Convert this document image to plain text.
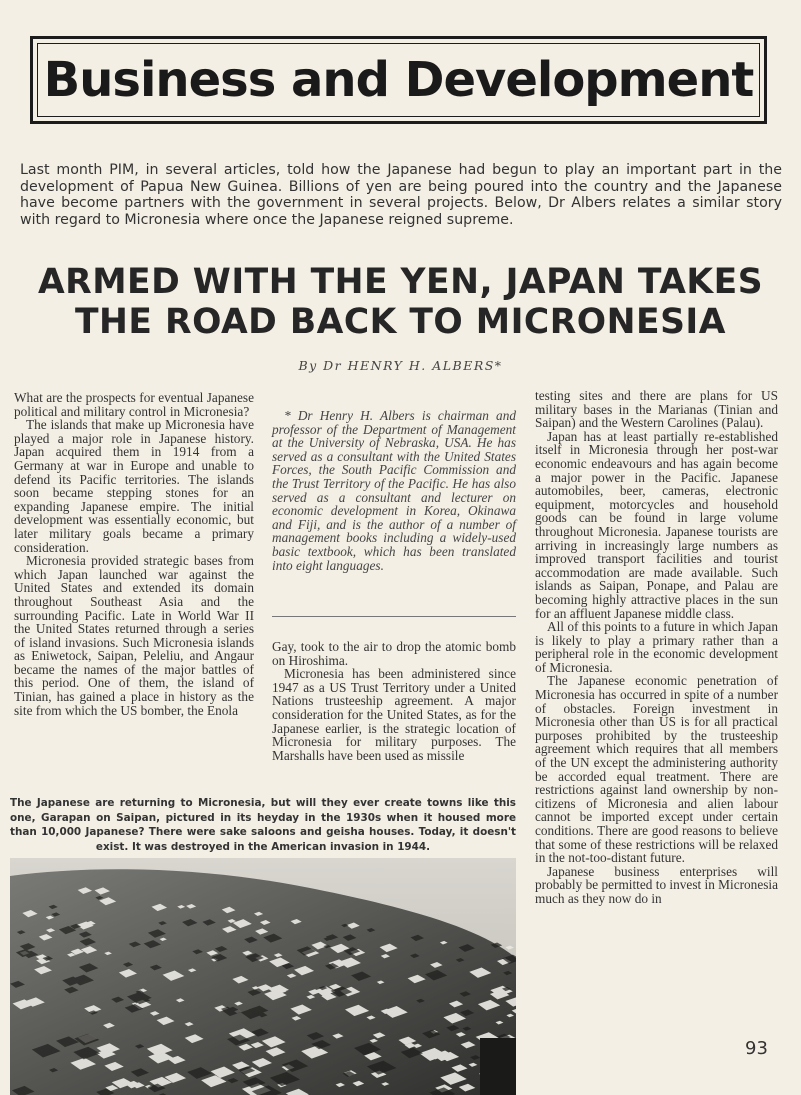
Business and Development

Last month PIM, in several articles, told how the Japanese had begun to play an important part in the development of Papua New Guinea. Billions of yen are being poured into the country and the Japanese have become partners with the government in several projects. Below, Dr Albers relates a similar story with regard to Micronesia where once the Japanese reigned supreme.

ARMED WITH THE YEN, JAPAN TAKES
THE ROAD BACK TO MICRONESIA

By Dr HENRY H. ALBERS*

What are the prospects for eventual Japanese political and military control in Micronesia?

The islands that make up Micronesia have played a major role in Japanese history. Japan acquired them in 1914 from a Germany at war in Europe and unable to defend its Pacific territories. The islands soon became stepping stones for an expanding Japanese empire. The initial development was essentially economic, but later military goals became a primary consideration.

Micronesia provided strategic bases from which Japan launched war against the United States and extended its domain throughout Southeast Asia and the surrounding Pacific. Late in World War II the United States returned through a series of island invasions. Such Micronesia islands as Eniwetock, Saipan, Peleliu, and Angaur became the names of the major battles of this period. One of them, the island of Tinian, has gained a place in history as the site from which the US bomber, the Enola

* Dr Henry H. Albers is chairman and professor of the Department of Management at the University of Nebraska, USA. He has served as a consultant with the United States Forces, the South Pacific Commission and the Trust Territory of the Pacific. He has also served as a consultant and lecturer on economic development in Korea, Okinawa and Fiji, and is the author of a number of management books including a widely-used basic textbook, which has been translated into eight languages.

Gay, took to the air to drop the atomic bomb on Hiroshima.

Micronesia has been administered since 1947 as a US Trust Territory under a United Nations trusteeship agreement. A major consideration for the United States, as for the Japanese earlier, is the strategic location of Micronesia for military purposes. The Marshalls have been used as missile

testing sites and there are plans for US military bases in the Marianas (Tinian and Saipan) and the Western Carolines (Palau).

Japan has at least partially re-established itself in Micronesia through her post-war economic endeavours and has again become a major power in the Pacific. Japanese automobiles, beer, cameras, electronic equipment, motorcycles and household goods can be found in large volume throughout Micronesia. Japanese tourists are arriving in increasingly large numbers as improved transport facilities and tourist accommodation are made available. Such islands as Saipan, Ponape, and Palau are becoming highly attractive places in the sun for an affluent Japanese middle class.

All of this points to a future in which Japan is likely to play a primary rather than a peripheral role in the economic development of Micronesia.

The Japanese economic penetration of Micronesia has occurred in spite of a number of obstacles. Foreign investment in Micronesia other than US is for all practical purposes prohibited by the trusteeship agreement which requires that all members of the UN except the administering authority be accorded equal treatment. There are restrictions against land ownership by non-citizens of Micronesia and alien labour cannot be imported except under certain conditions. There are good reasons to believe that some of these restrictions will be relaxed in the not-too-distant future.

Japanese business enterprises will probably be permitted to invest in Micronesia much as they now do in

The Japanese are returning to Micronesia, but will they ever create towns like this one, Garapan on Saipan, pictured in its heyday in the 1930s when it housed more than 10,000 Japanese? There were sake saloons and geisha houses. Today, it doesn't exist. It was destroyed in the American invasion in 1944.

93
